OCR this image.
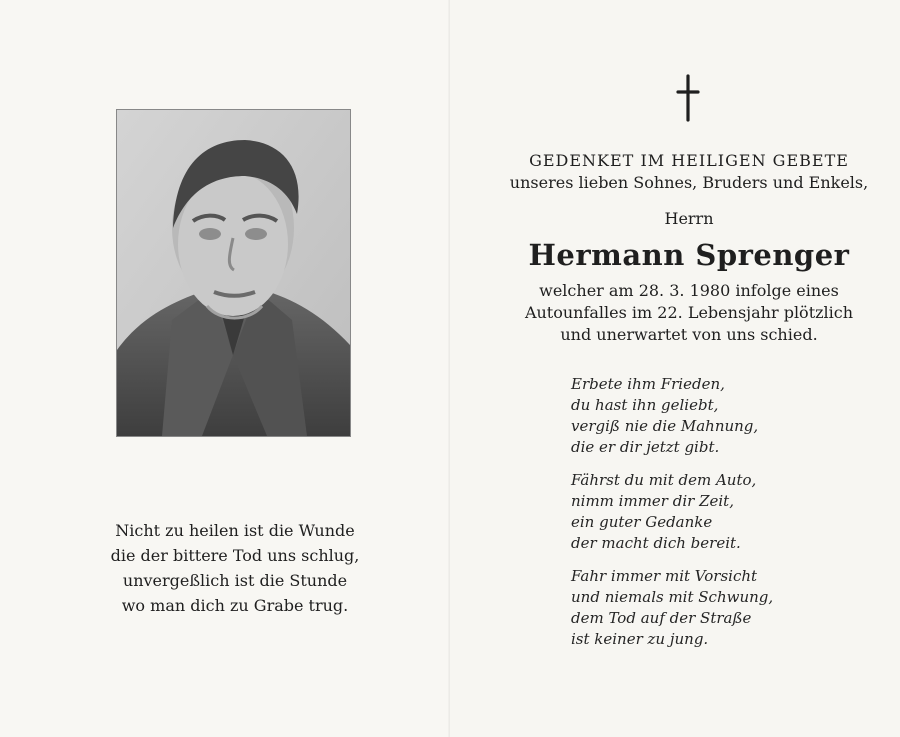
Nicht zu heilen ist die Wunde
die der bittere Tod uns schlug,
unvergeßlich ist die Stunde
wo man dich zu Grabe trug.
GEDENKET IM HEILIGEN GEBETE
unseres lieben Sohnes, Bruders und Enkels,
Herrn
Hermann Sprenger
welcher am 28. 3. 1980 infolge eines
Autounfalles im 22. Lebensjahr plötzlich
und unerwartet von uns schied.
Erbete ihm Frieden,
du hast ihn geliebt,
vergiß nie die Mahnung,
die er dir jetzt gibt.
Fährst du mit dem Auto,
nimm immer dir Zeit,
ein guter Gedanke
der macht dich bereit.
Fahr immer mit Vorsicht
und niemals mit Schwung,
dem Tod auf der Straße
ist keiner zu jung.
